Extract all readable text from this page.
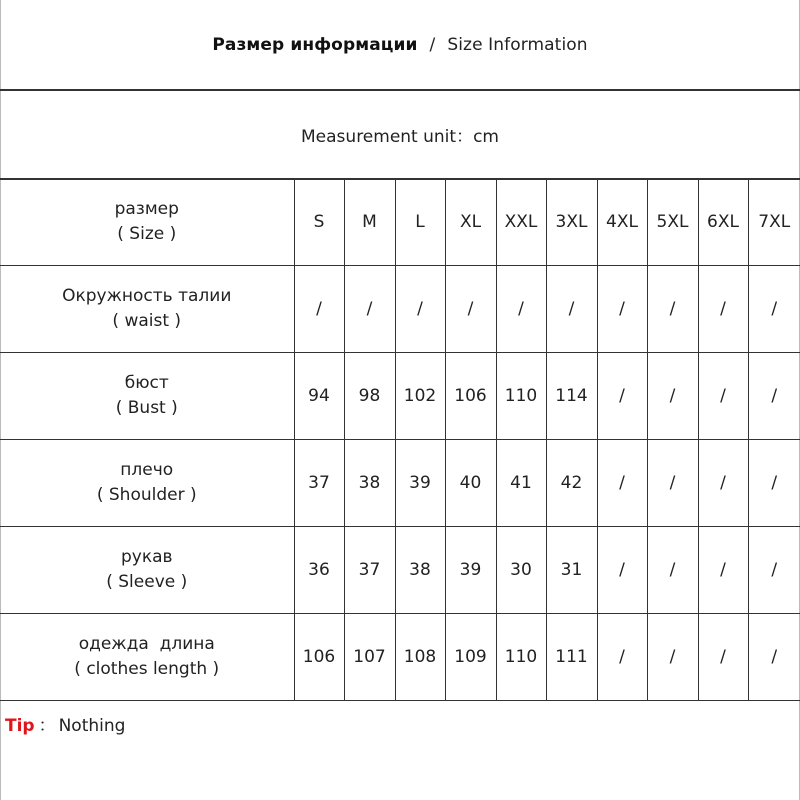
Размер информации / Size Information
Measurement unit：cm
размер
( Size )	S	M	L	XL	XXL	3XL	4XL	5XL	6XL	7XL

Окружность талии
( waist )	/	/	/	/	/	/	/	/	/	/

бюст
( Bust )	94	98	102	106	110	114	/	/	/	/

плечо
( Shoulder )	37	38	39	40	41	42	/	/	/	/

рукав
( Sleeve )	36	37	38	39	30	31	/	/	/	/

одежда  длина
( clothes length )	106	107	108	109	110	111	/	/	/	/
Tip ： Nothing
